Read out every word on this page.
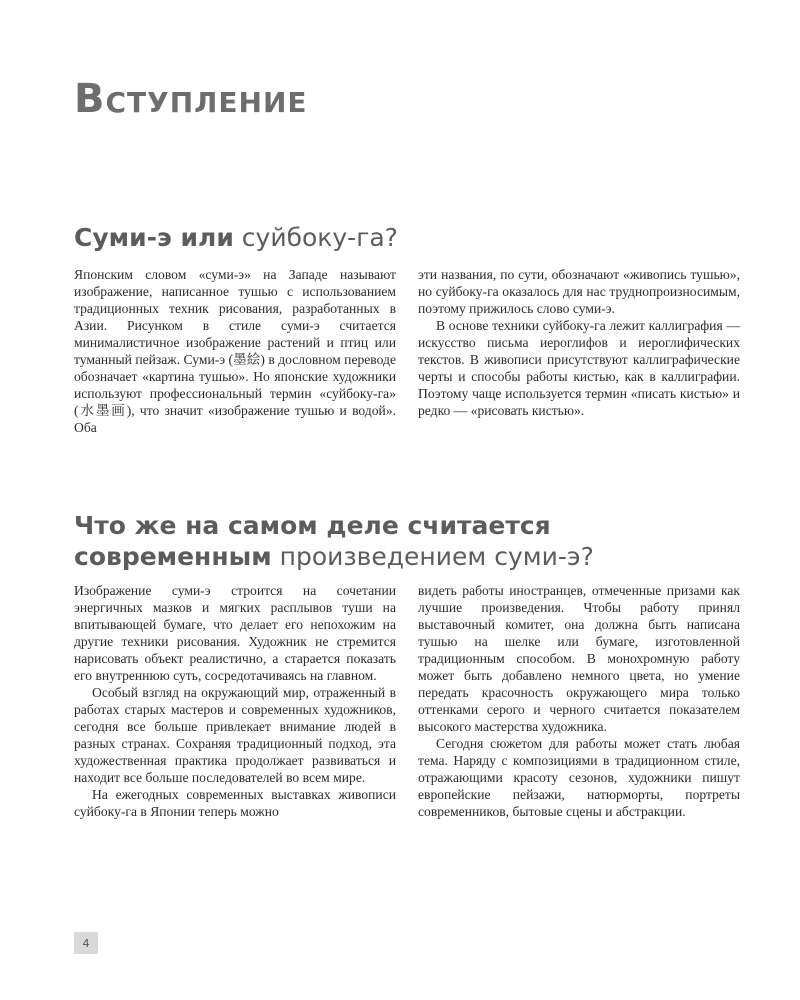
Вступление
Суми-э или суйбоку-га?

Японским словом «суми-э» на Западе называют изображение, написанное тушью с использованием традиционных техник рисования, разработанных в Азии. Рисунком в стиле суми-э считается минималистичное изображение растений и птиц или туманный пейзаж. Суми-э (墨絵) в дословном переводе обозначает «картина тушью». Но японские художники используют профессиональный термин «суйбоку-га» (水墨画), что значит «изображение тушью и водой». Оба

эти названия, по сути, обозначают «живопись тушью», но суйбоку-га оказалось для нас труднопроизносимым, поэтому прижилось слово суми-э.

В основе техники суйбоку-га лежит каллиграфия — искусство письма иероглифов и иероглифических текстов. В живописи присутствуют каллиграфические черты и способы работы кистью, как в каллиграфии. Поэтому чаще используется термин «писать кистью» и редко — «рисовать кистью».

Что же на самом деле считается
современным произведением суми-э?

Изображение суми-э строится на сочетании энергичных мазков и мягких расплывов туши на впитывающей бумаге, что делает его непохожим на другие техники рисования. Художник не стремится нарисовать объект реалистично, а старается показать его внутреннюю суть, сосредотачиваясь на главном.

Особый взгляд на окружающий мир, отраженный в работах старых мастеров и современных художников, сегодня все больше привлекает внимание людей в разных странах. Сохраняя традиционный подход, эта художественная практика продолжает развиваться и находит все больше последователей во всем мире.

На ежегодных современных выставках живописи суйбоку-га в Японии теперь можно

видеть работы иностранцев, отмеченные призами как лучшие произведения. Чтобы работу принял выставочный комитет, она должна быть написана тушью на шелке или бумаге, изготовленной традиционным способом. В монохромную работу может быть добавлено немного цвета, но умение передать красочность окружающего мира только оттенками серого и черного считается показателем высокого мастерства художника.

Сегодня сюжетом для работы может стать любая тема. Наряду с композициями в традиционном стиле, отражающими красоту сезонов, художники пишут европейские пейзажи, натюрморты, портреты современников, бытовые сцены и абстракции.

4
